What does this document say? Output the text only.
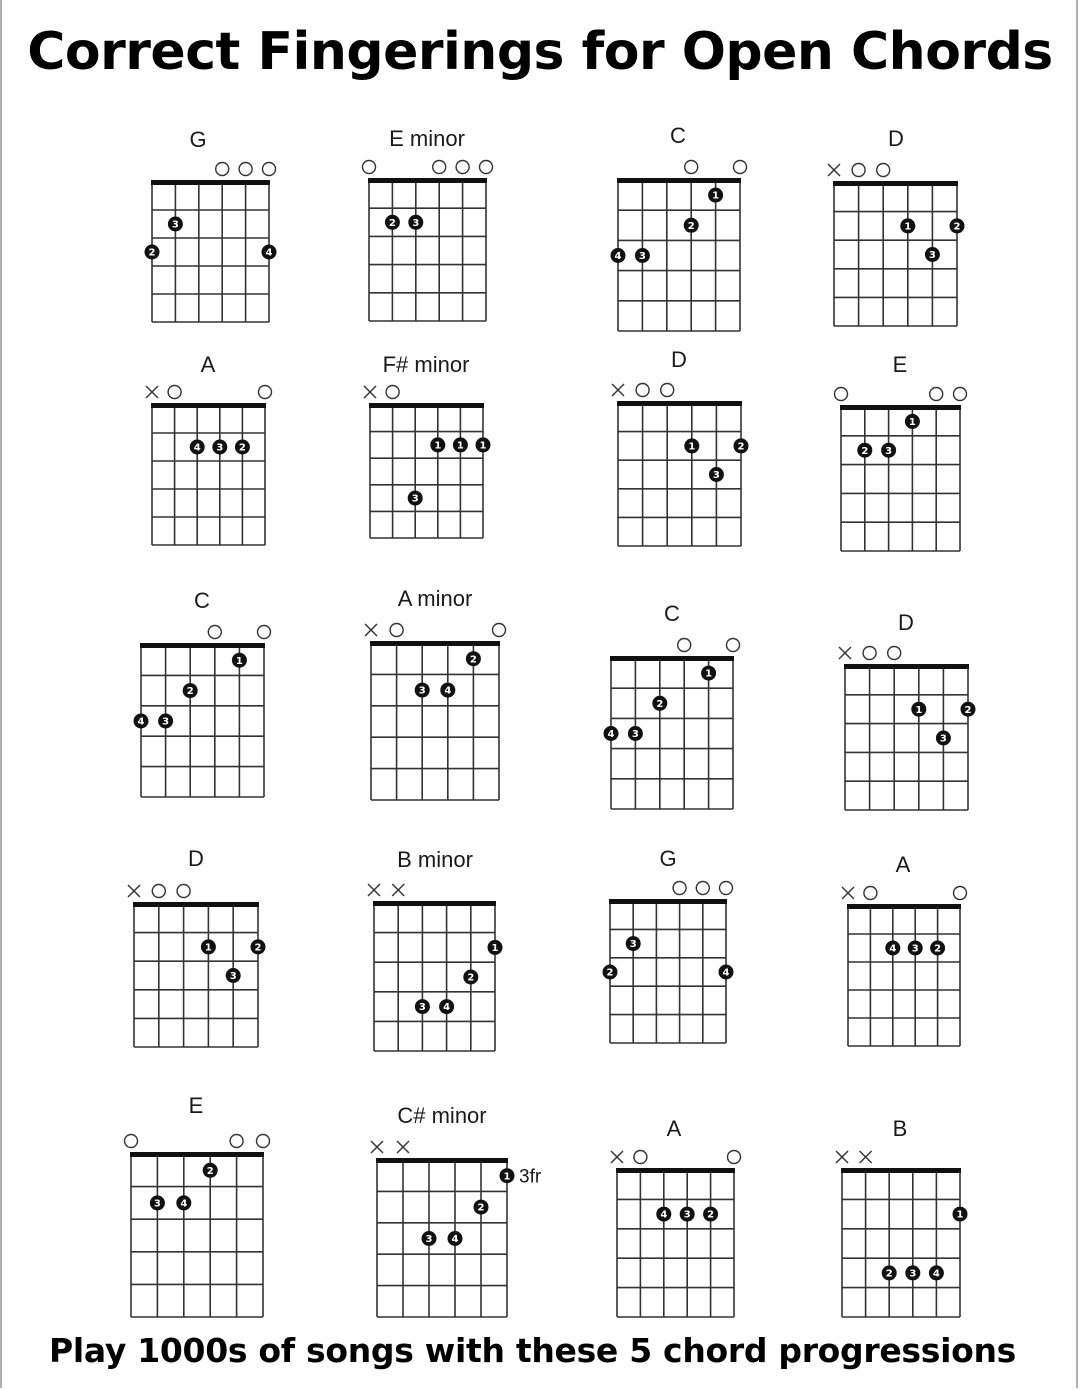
Correct Fingerings for Open Chords
G
2
3
4
E minor
2 3
C
1
2
4 3
D
1	2
3
A
4 3 2
F# minor
1 1 1
3
D
1	2
3
E
1
2 3
C
1
2
4 3
A minor
2
3 4
C
1
2
4 3
D
1	2
3
D
1	2
3
B minor
1
2
3 4
G
3
2	4
A
4 3 2
E
2
3 4
C# minor
1
2
3 4
3fr
A
4 3 2
B
1
2 3 4
Play 1000s of songs with these 5 chord progressions
